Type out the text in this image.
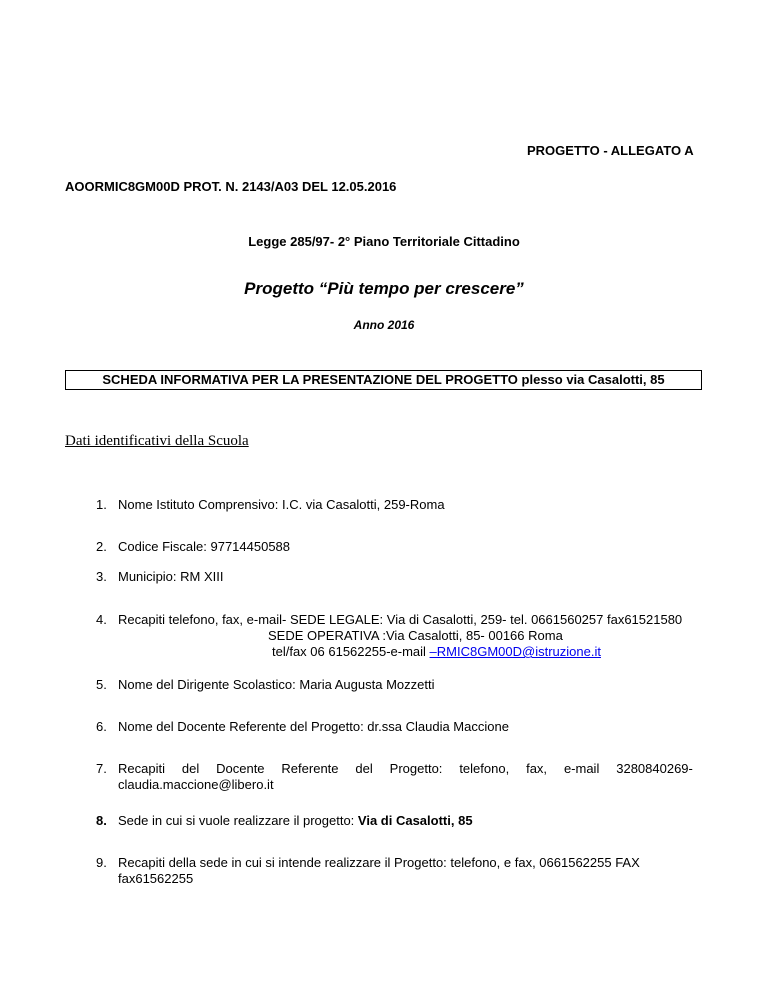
PROGETTO - ALLEGATO A
AOORMIC8GM00D PROT. N. 2143/A03 DEL 12.05.2016
Legge 285/97- 2° Piano Territoriale Cittadino
Progetto “Più tempo per crescere”
Anno 2016
SCHEDA INFORMATIVA PER LA PRESENTAZIONE DEL PROGETTO plesso via Casalotti, 85
Dati identificativi della Scuola
1. Nome Istituto Comprensivo: I.C. via Casalotti, 259-Roma
2. Codice Fiscale: 97714450588
3. Municipio: RM XIII
4. Recapiti telefono, fax, e-mail- SEDE LEGALE: Via di Casalotti, 259- tel. 0661560257 fax61521580
SEDE OPERATIVA :Via Casalotti, 85- 00166 Roma
tel/fax 06 61562255-e-mail –RMIC8GM00D@istruzione.it
5. Nome del Dirigente Scolastico: Maria Augusta Mozzetti
6. Nome del Docente Referente del Progetto: dr.ssa Claudia Maccione
7. Recapiti del Docente Referente del Progetto: telefono, fax, e-mail 3280840269-
claudia.maccione@libero.it
8. Sede in cui si vuole realizzare il progetto: Via di Casalotti, 85
9. Recapiti della sede in cui si intende realizzare il Progetto: telefono, e fax, 0661562255 FAX
fax61562255
